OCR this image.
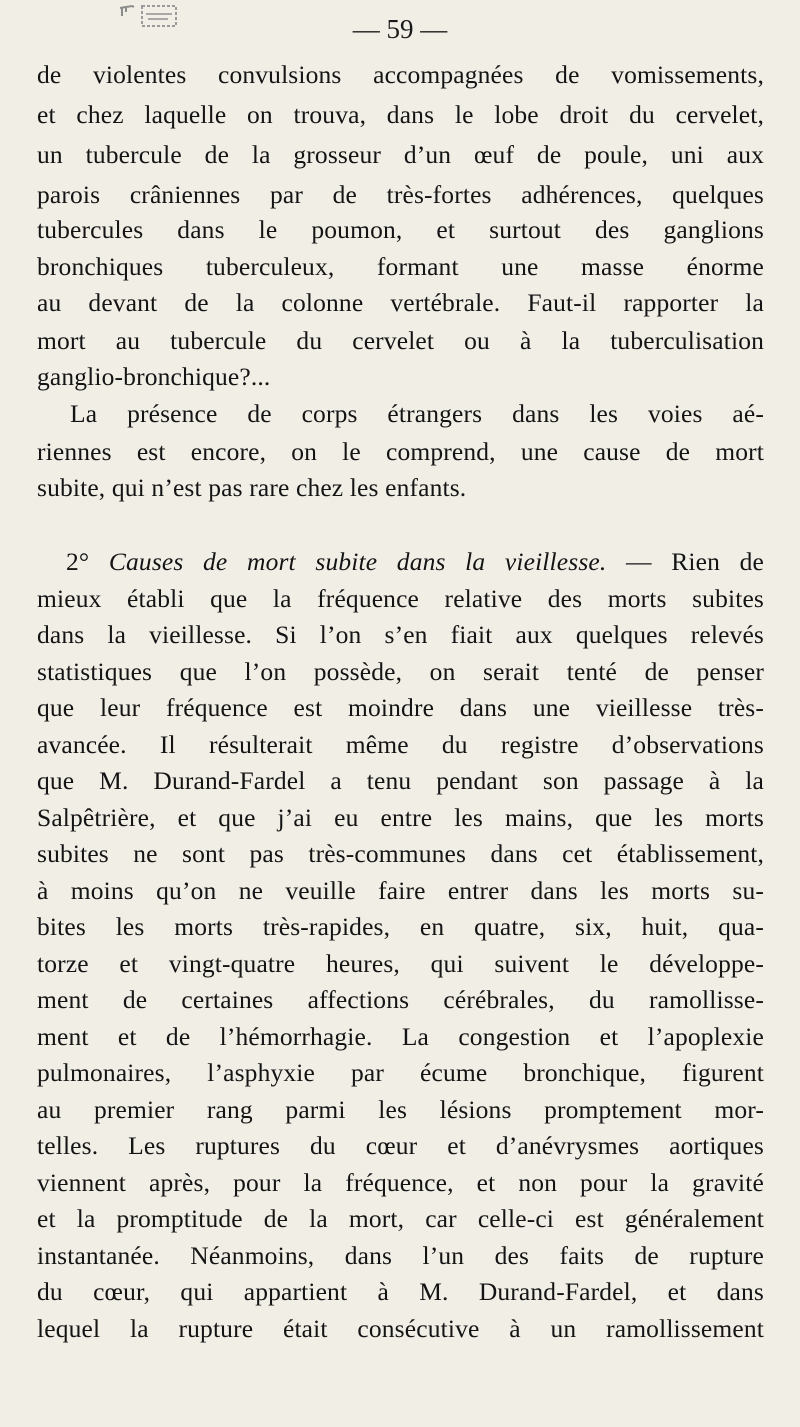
— 59 —

de violentes convulsions accompagnées de vomissements,

et chez laquelle on trouva, dans le lobe droit du cervelet,

un tubercule de la grosseur d’un œuf de poule, uni aux

parois crâniennes par de très-fortes adhérences, quelques

tubercules dans le poumon, et surtout des ganglions

bronchiques tuberculeux, formant une masse énorme

au devant de la colonne vertébrale. Faut-il rapporter la

mort au tubercule du cervelet ou à la tuberculisation

ganglio-bronchique?...

La présence de corps étrangers dans les voies aé-

riennes est encore, on le comprend, une cause de mort

subite, qui n’est pas rare chez les enfants.

2° Causes de mort subite dans la vieillesse. — Rien de

mieux établi que la fréquence relative des morts subites

dans la vieillesse. Si l’on s’en fiait aux quelques relevés

statistiques que l’on possède, on serait tenté de penser

que leur fréquence est moindre dans une vieillesse très-

avancée. Il résulterait même du registre d’observations

que M. Durand-Fardel a tenu pendant son passage à la

Salpêtrière, et que j’ai eu entre les mains, que les morts

subites ne sont pas très-communes dans cet établissement,

à moins qu’on ne veuille faire entrer dans les morts su-

bites les morts très-rapides, en quatre, six, huit, qua-

torze et vingt-quatre heures, qui suivent le développe-

ment de certaines affections cérébrales, du ramollisse-

ment et de l’hémorrhagie. La congestion et l’apoplexie

pulmonaires, l’asphyxie par écume bronchique, figurent

au premier rang parmi les lésions promptement mor-

telles. Les ruptures du cœur et d’anévrysmes aortiques

viennent après, pour la fréquence, et non pour la gravité

et la promptitude de la mort, car celle-ci est généralement

instantanée. Néanmoins, dans l’un des faits de rupture

du cœur, qui appartient à M. Durand-Fardel, et dans

lequel la rupture était consécutive à un ramollissement
